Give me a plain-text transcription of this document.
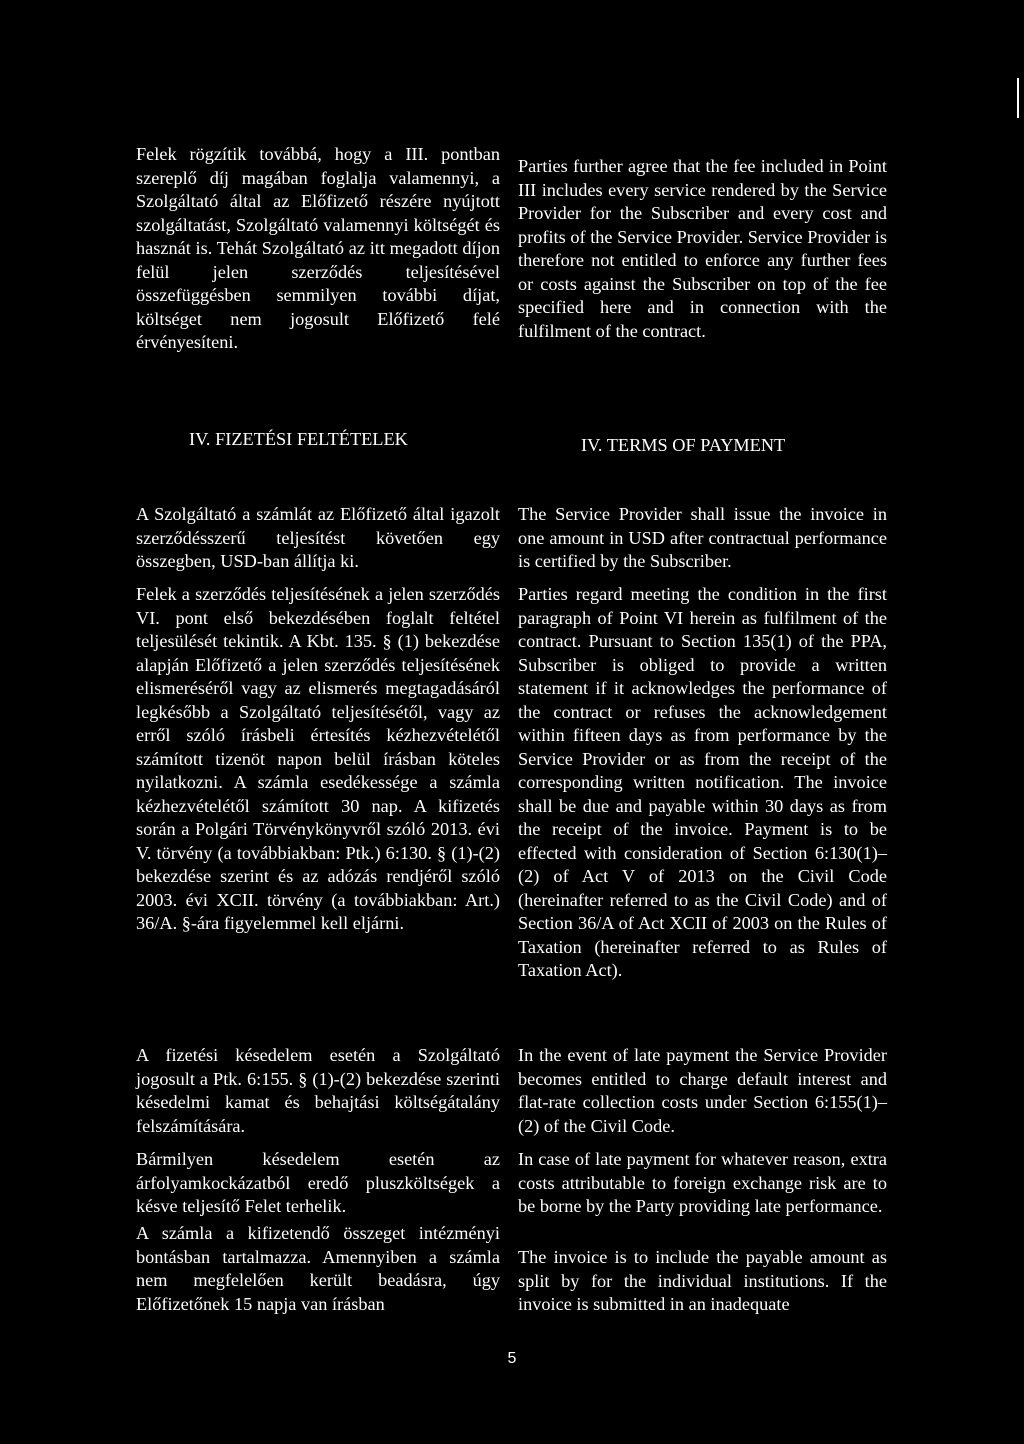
Felek rögzítik továbbá, hogy a III. pontban szereplő díj magában foglalja valamennyi, a Szolgáltató által az Előfizető részére nyújtott szolgáltatást, Szolgáltató valamennyi költségét és hasznát is. Tehát Szolgáltató az itt megadott díjon felül jelen szerződés teljesítésével összefüggésben semmilyen további díjat, költséget nem jogosult Előfizető felé érvényesíteni.

Parties further agree that the fee included in Point III includes every service rendered by the Service Provider for the Subscriber and every cost and profits of the Service Provider. Service Provider is therefore not entitled to enforce any further fees or costs against the Subscriber on top of the fee specified here and in connection with the fulfilment of the contract.

IV. FIZETÉSI FELTÉTELEK	IV. TERMS OF PAYMENT

A Szolgáltató a számlát az Előfizető által igazolt szerződésszerű teljesítést követően egy összegben, USD-ban állítja ki.

The Service Provider shall issue the invoice in one amount in USD after contractual performance is certified by the Subscriber.

Felek a szerződés teljesítésének a jelen szerződés VI. pont első bekezdésében foglalt feltétel teljesülését tekintik. A Kbt. 135. § (1) bekezdése alapján Előfizető a jelen szerződés teljesítésének elismeréséről vagy az elismerés megtagadásáról legkésőbb a Szolgáltató teljesítésétől, vagy az erről szóló írásbeli értesítés kézhezvételétől számított tizenöt napon belül írásban köteles nyilatkozni. A számla esedékessége a számla kézhezvételétől számított 30 nap. A kifizetés során a Polgári Törvénykönyvről szóló 2013. évi V. törvény (a továbbiakban: Ptk.) 6:130. § (1)-(2) bekezdése szerint és az adózás rendjéről szóló 2003. évi XCII. törvény (a továbbiakban: Art.) 36/A. §-ára figyelemmel kell eljárni.

Parties regard meeting the condition in the first paragraph of Point VI herein as fulfilment of the contract. Pursuant to Section 135(1) of the PPA, Subscriber is obliged to provide a written statement if it acknowledges the performance of the contract or refuses the acknowledgement within fifteen days as from performance by the Service Provider or as from the receipt of the corresponding written notification. The invoice shall be due and payable within 30 days as from the receipt of the invoice. Payment is to be effected with consideration of Section 6:130(1)–(2) of Act V of 2013 on the Civil Code (hereinafter referred to as the Civil Code) and of Section 36/A of Act XCII of 2003 on the Rules of Taxation (hereinafter referred to as Rules of Taxation Act).

A fizetési késedelem esetén a Szolgáltató jogosult a Ptk. 6:155. § (1)-(2) bekezdése szerinti késedelmi kamat és behajtási költségátalány felszámítására.

In the event of late payment the Service Provider becomes entitled to charge default interest and flat-rate collection costs under Section 6:155(1)–(2) of the Civil Code.

Bármilyen késedelem esetén az árfolyamkockázatból eredő pluszköltségek a késve teljesítő Felet terhelik.

In case of late payment for whatever reason, extra costs attributable to foreign exchange risk are to be borne by the Party providing late performance.

A számla a kifizetendő összeget intézményi bontásban tartalmazza. Amennyiben a számla nem megfelelően került beadásra, úgy Előfizetőnek 15 napja van írásban

The invoice is to include the payable amount as split by for the individual institutions. If the invoice is submitted in an inadequate

5
